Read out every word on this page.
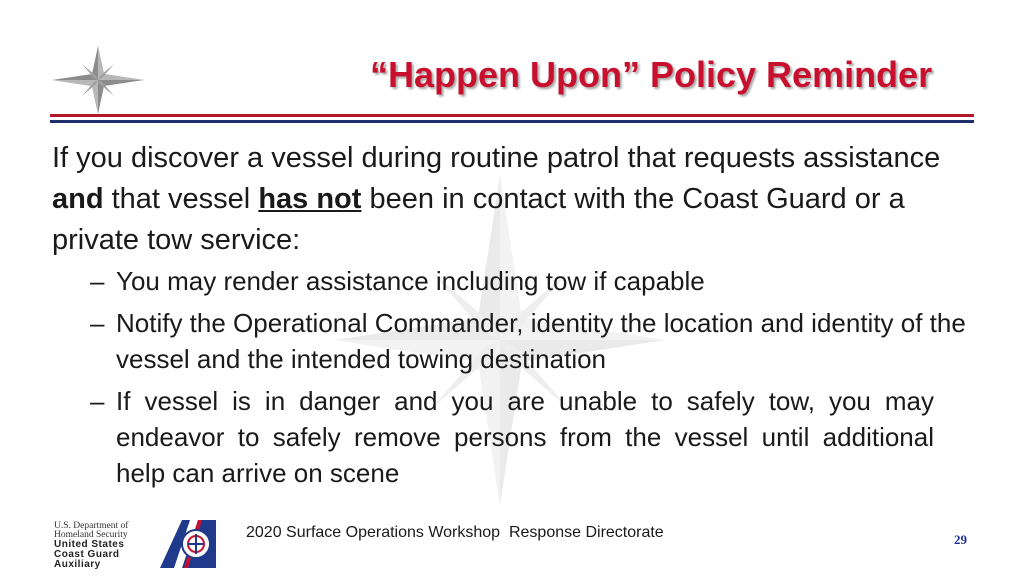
“Happen Upon” Policy Reminder

If you discover a vessel during routine patrol that requests assistance and that vessel has not been in contact with the Coast Guard or a private tow service:

– You may render assistance including tow if capable
– Notify the Operational Commander, identity the location and identity of the vessel and the intended towing destination
– If vessel is in danger and you are unable to safely tow, you may endeavor to safely remove persons from the vessel until additional help can arrive on scene
U.S. Department of
Homeland Security
United States
Coast Guard
Auxiliary
2020 Surface Operations Workshop  Response Directorate	29
